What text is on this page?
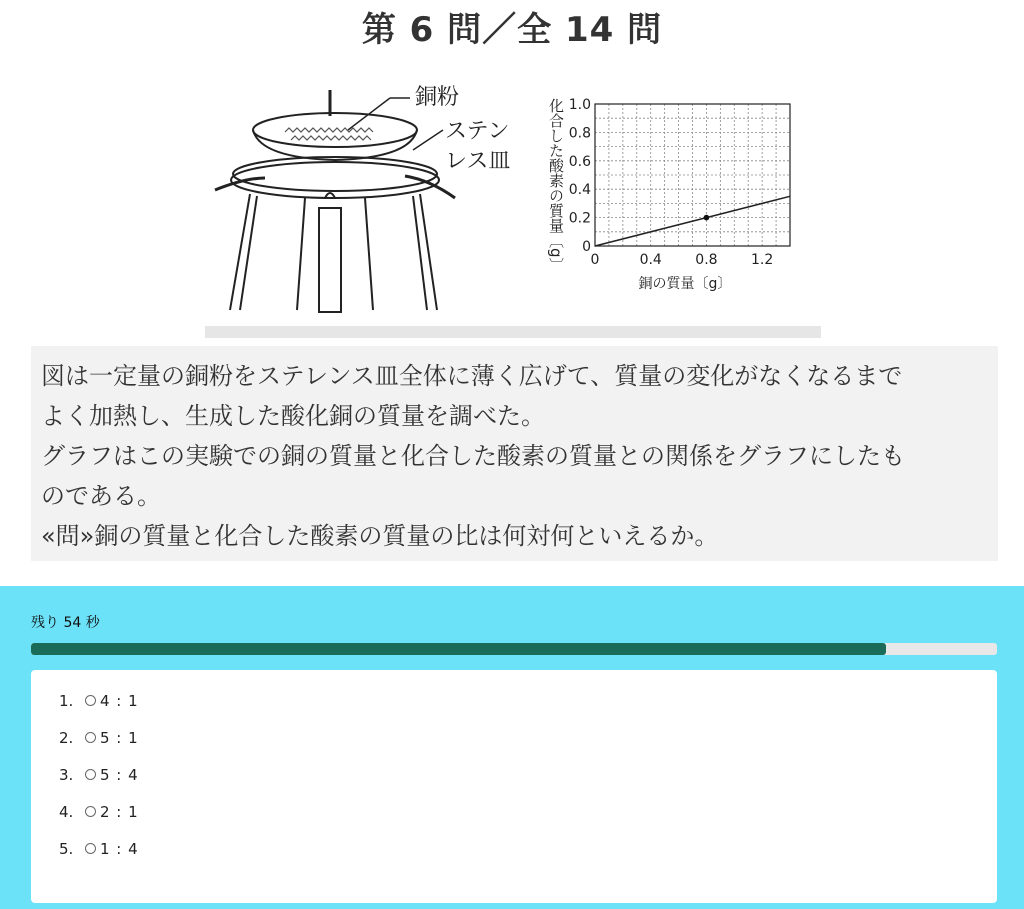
第 6 問／全 14 問
銅粉
ステン
レス皿
0	0.4 0.8 1.2
0
0.2
0.4
0.6
0.8
1.0
化合した酸素の質量〔g〕
銅の質量〔g〕

図は一定量の銅粉をステレンス皿全体に薄く広げて、質量の変化がなくなるまで

よく加熱し、生成した酸化銅の質量を調べた。

グラフはこの実験での銅の質量と化合した酸素の質量との関係をグラフにしたも

のである。

«問»銅の質量と化合した酸素の質量の比は何対何といえるか。

残り 54 秒
1.	4 : 1
2.	5 : 1
3.	5 : 4
4.	2 : 1
5.	1 : 4
